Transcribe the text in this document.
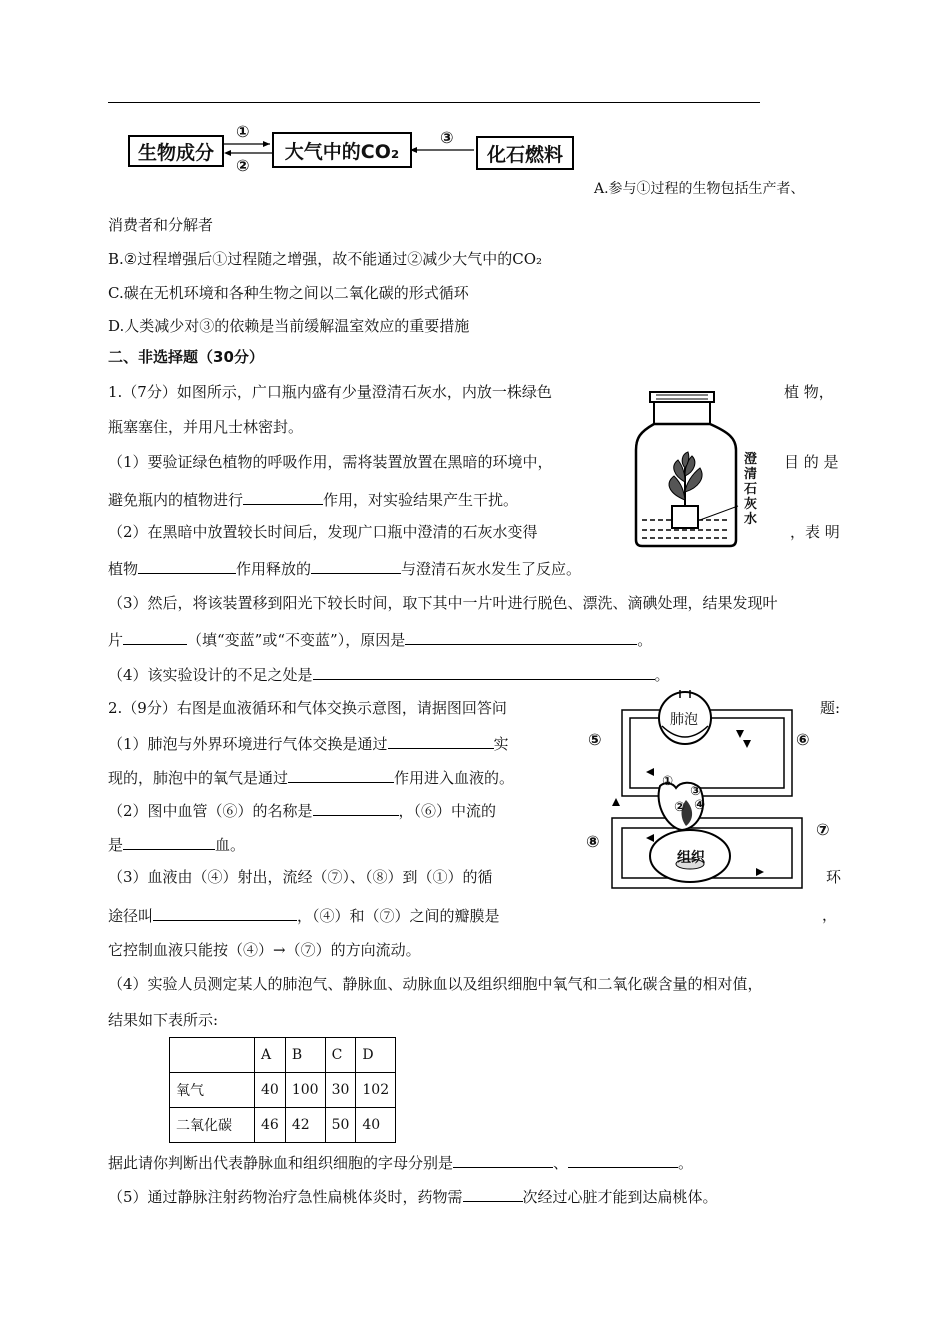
生物成分	大气中的CO₂	化石燃料
①
②
③
A.参与①过程的生物包括生产者、
消费者和分解者
B.②过程增强后①过程随之增强，故不能通过②减少大气中的CO₂
C.碳在无机环境和各种生物之间以二氧化碳的形式循环
D.人类减少对③的依赖是当前缓解温室效应的重要措施
二、非选择题（30分）
1.（7分）如图所示，广口瓶内盛有少量澄清石灰水，内放一株绿色	植 物，
瓶塞塞住，并用凡士林密封。
（1）要验证绿色植物的呼吸作用，需将装置放置在黑暗的环境中，	目 的 是
避免瓶内的植物进行	作用，对实验结果产生干扰。
（2）在黑暗中放置较长时间后，发现广口瓶中澄清的石灰水变得	，表 明
植物	作用释放的	与澄清石灰水发生了反应。
（3）然后，将该装置移到阳光下较长时间，取下其中一片叶进行脱色、漂洗、滴碘处理，结果发现叶
片	（填“变蓝”或“不变蓝”），原因是	。
（4）该实验设计的不足之处是	。
澄
清
石
灰
水
2.（9分）右图是血液循环和气体交换示意图，请据图回答问	题:
（1）肺泡与外界环境进行气体交换是通过	实
现的，肺泡中的氧气是通过	作用进入血液的。
（2）图中血管（⑥）的名称是	，（⑥）中流的
是	血。
（3）血液由（④）射出，流经（⑦）、（⑧）到（①）的循	环
途径叫	，（④）和（⑦）之间的瓣膜是	，
它控制血液只能按（④）→（⑦）的方向流动。
（4）实验人员测定某人的肺泡气、静脉血、动脉血以及组织细胞中氧气和二氧化碳含量的相对值，
结果如下表所示:
	A	B	C	D
氧气	40	100	30	102
二氧化碳	46	42	50	40
据此请你判断出代表静脉血和组织细胞的字母分别是	、	。
（5）通过静脉注射药物治疗急性扁桃体炎时，药物需	次经过心脏才能到达扁桃体。
肺泡
组织
⑤	⑥
⑦
⑧
①
②
③
④
